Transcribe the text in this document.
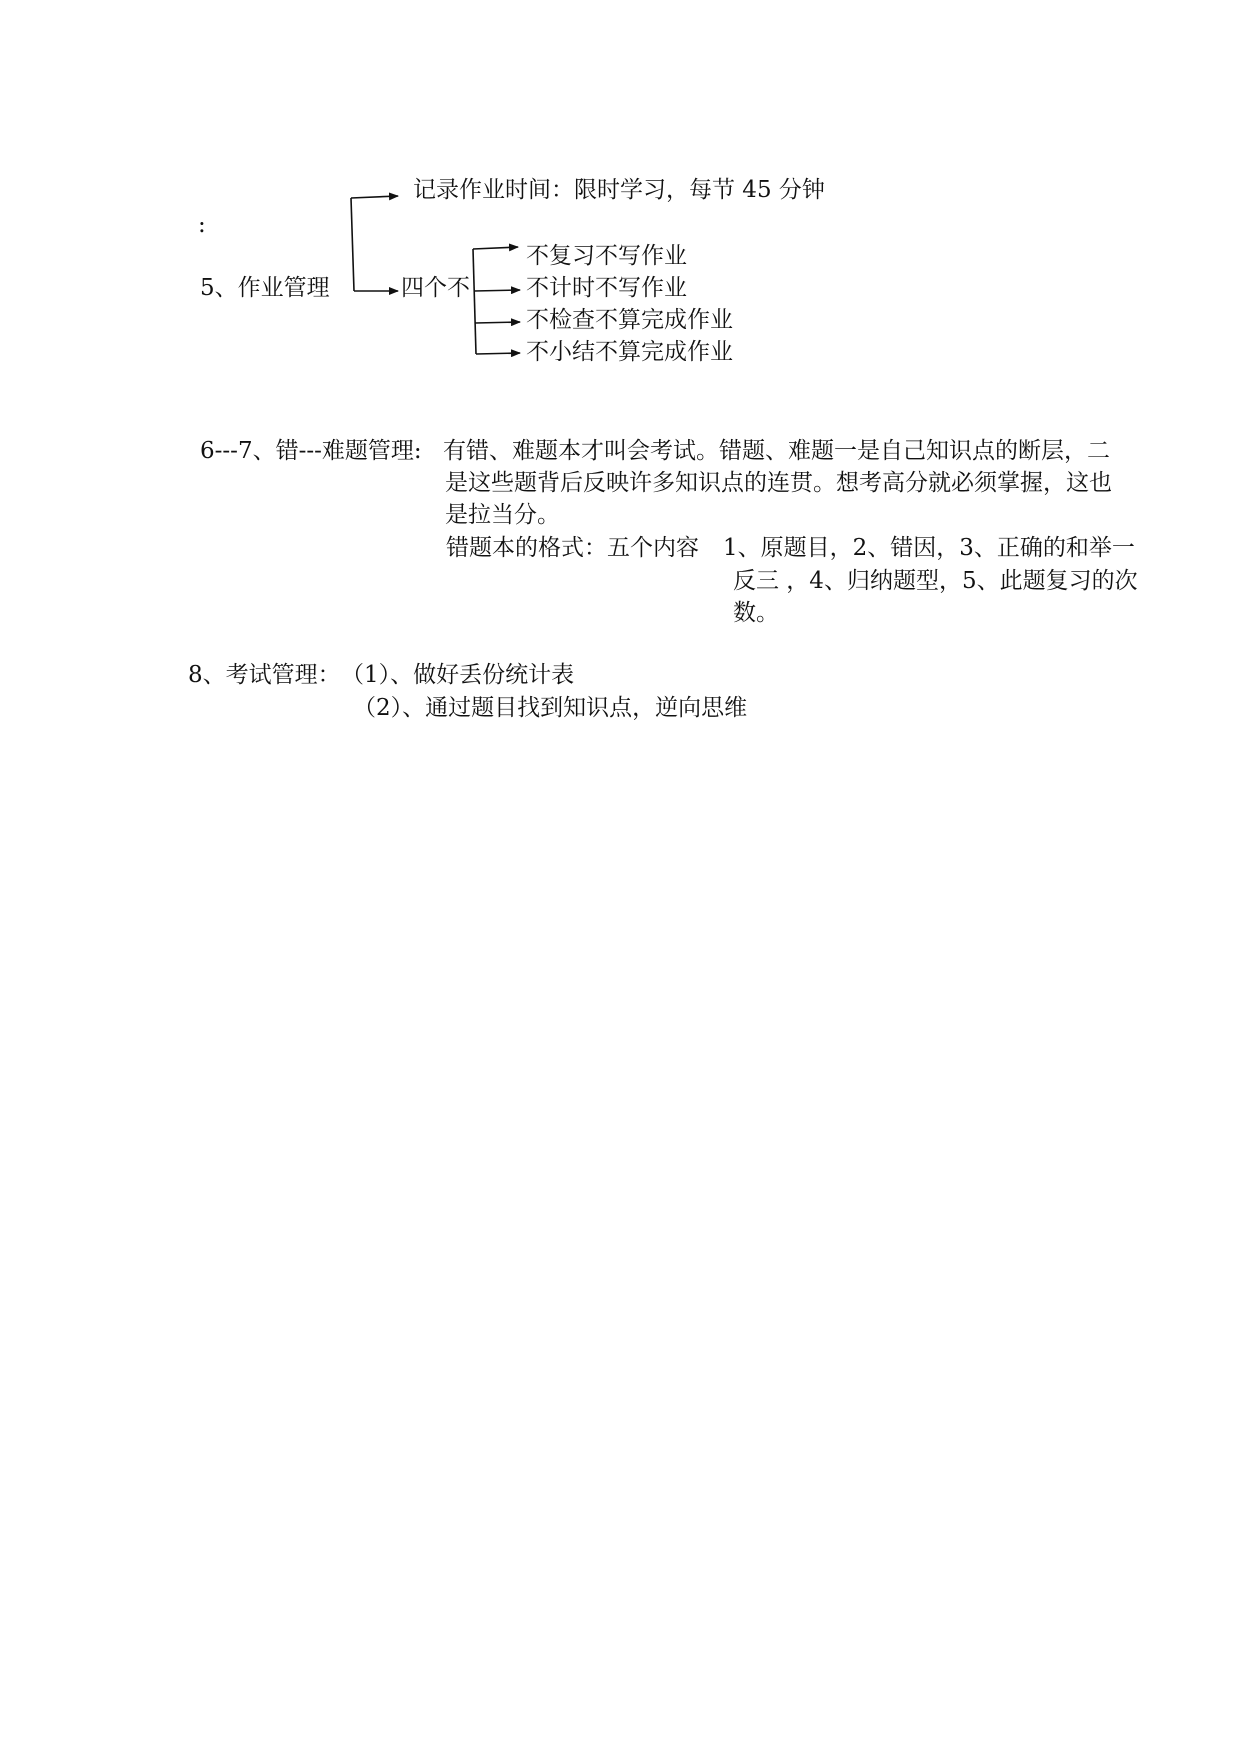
:
5、作业管理
记录作业时间：限时学习，每节 45 分钟
四个不
不复习不写作业
不计时不写作业
不检查不算完成作业
不小结不算完成作业
6---7、错---难题管理: 有错、难题本才叫会考试。错题、难题一是自己知识点的断层，二
是这些题背后反映许多知识点的连贯。想考高分就必须掌握，这也
是拉当分。
错题本的格式：五个内容 1、原题目，2、错因，3、正确的和举一
反三 ，4、归纳题型，5、此题复习的次
数。
8、考试管理： （1）、做好丢份统计表
（2）、通过题目找到知识点，逆向思维
